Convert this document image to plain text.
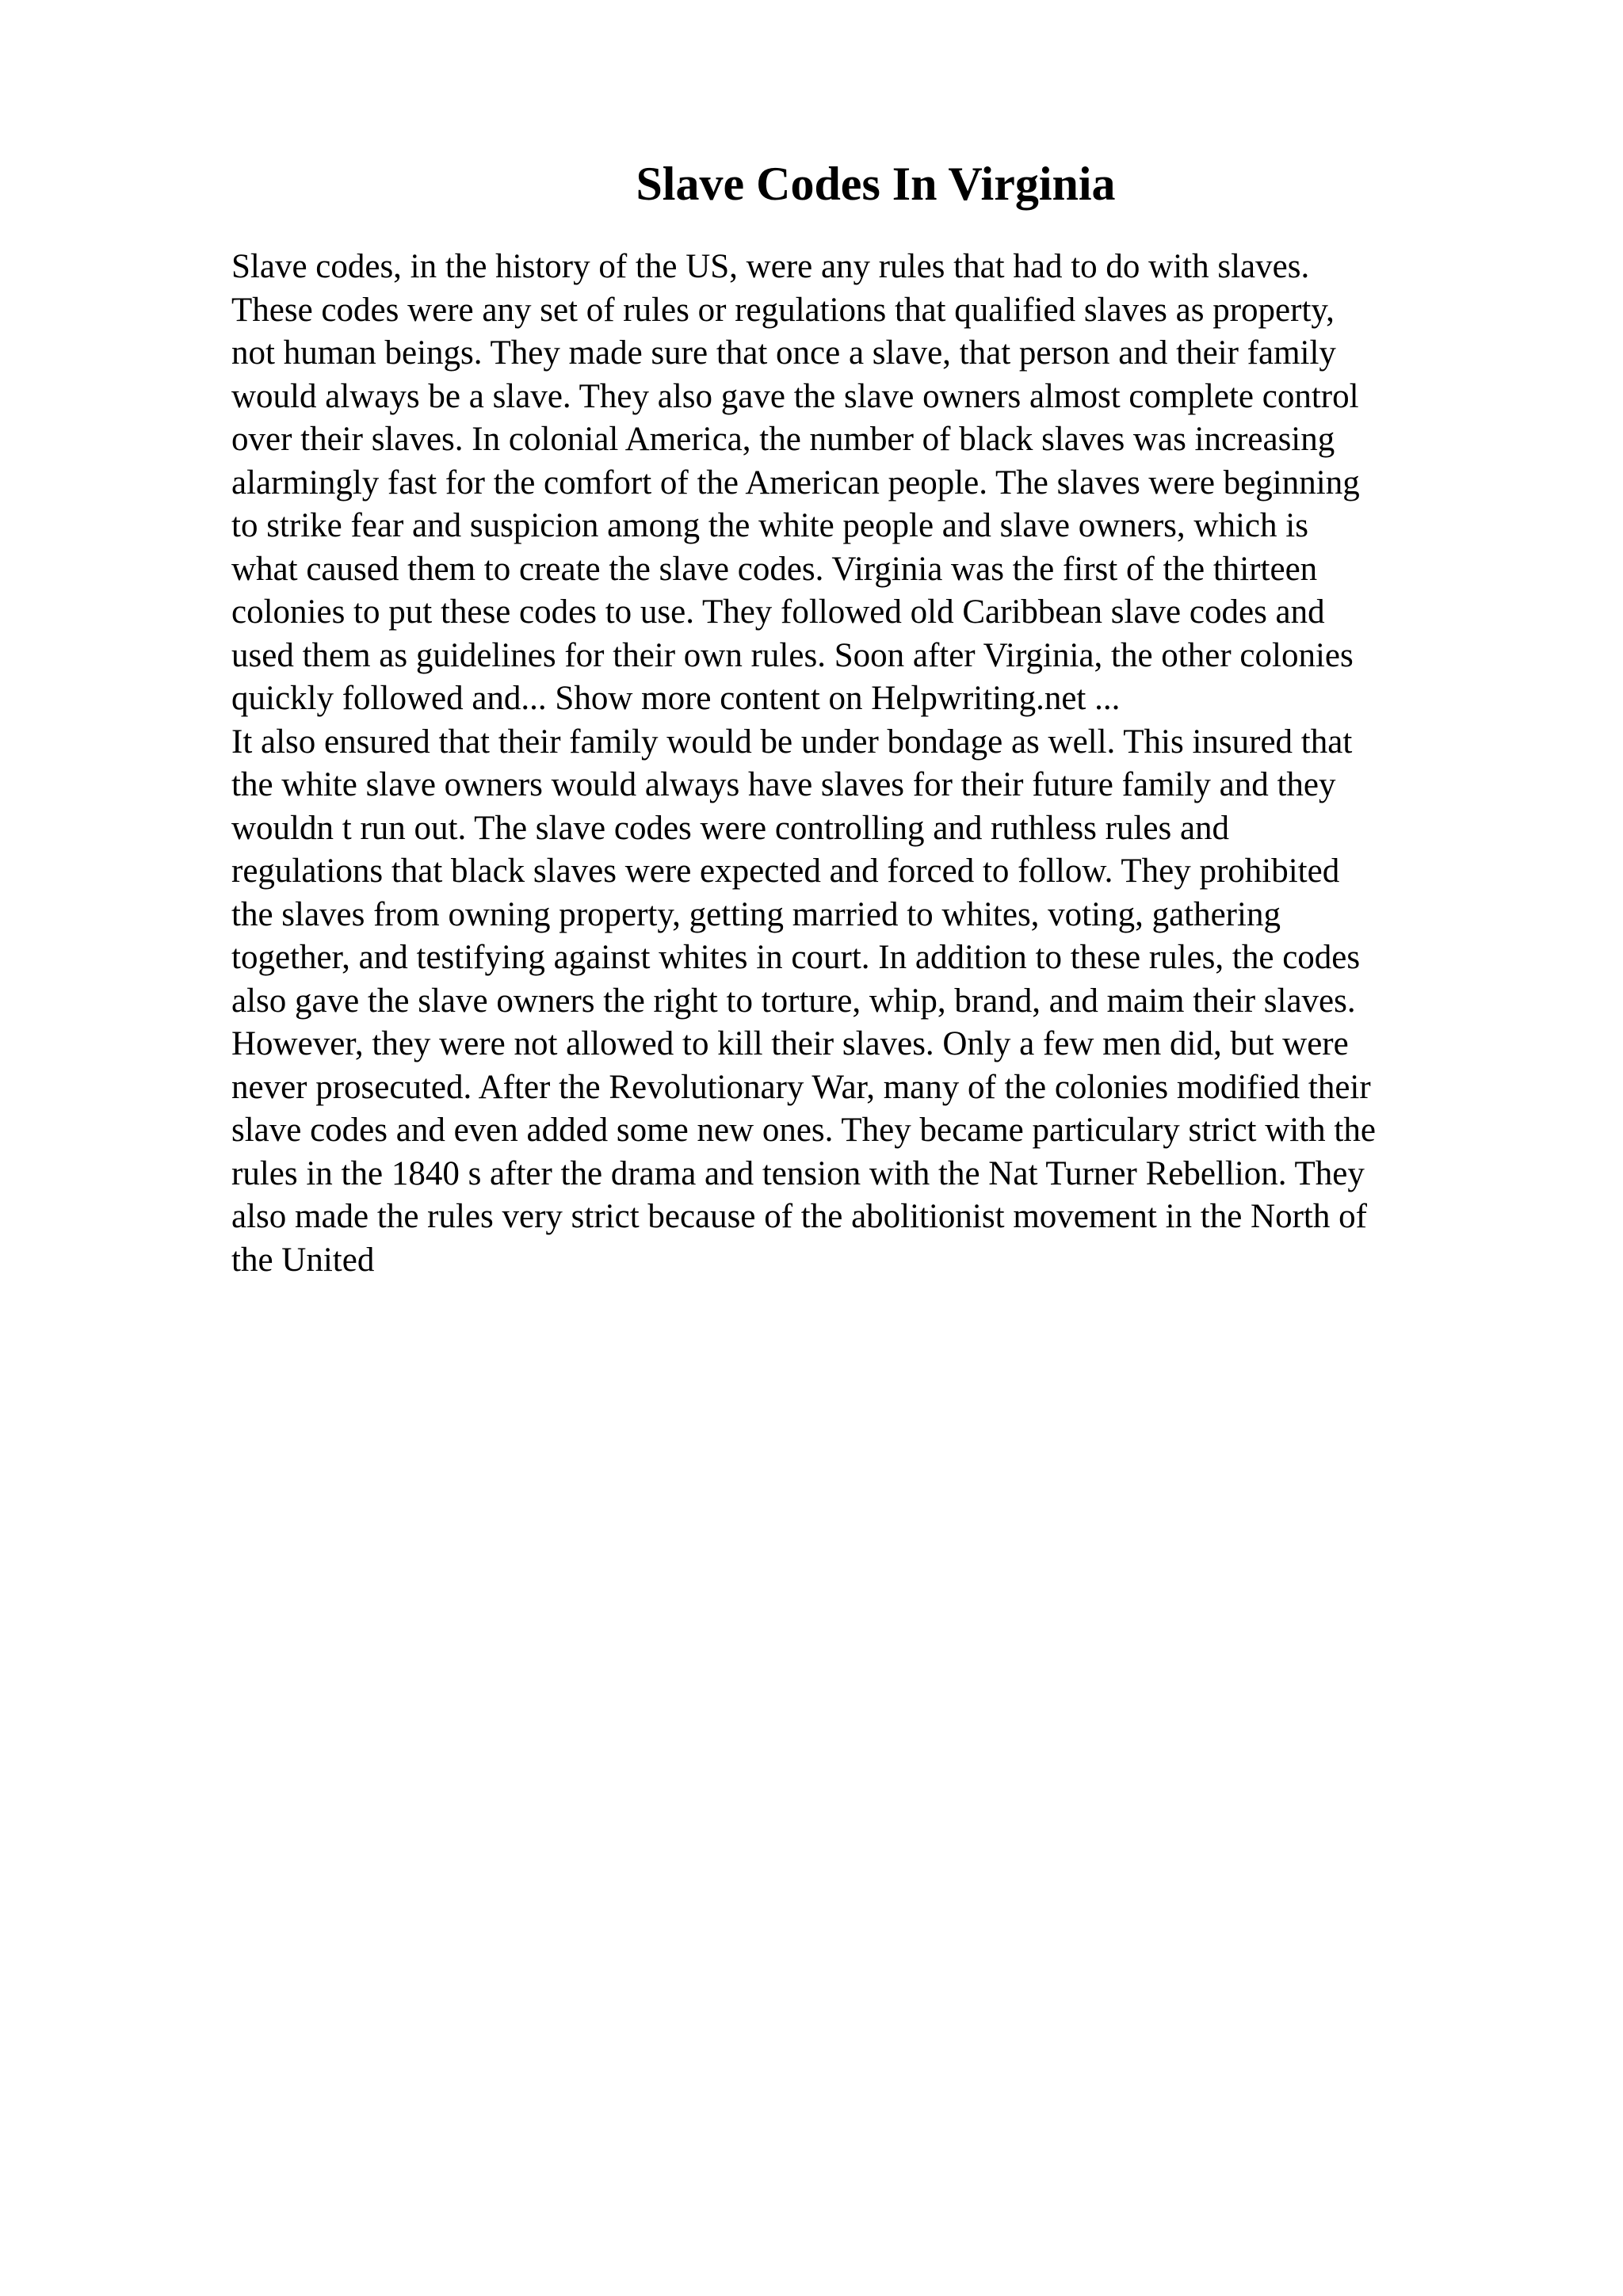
Slave Codes In Virginia
Slave codes, in the history of the US, were any rules that had to do with slaves.
These codes were any set of rules or regulations that qualified slaves as property,
not human beings. They made sure that once a slave, that person and their family
would always be a slave. They also gave the slave owners almost complete control
over their slaves. In colonial America, the number of black slaves was increasing
alarmingly fast for the comfort of the American people. The slaves were beginning
to strike fear and suspicion among the white people and slave owners, which is
what caused them to create the slave codes. Virginia was the first of the thirteen
colonies to put these codes to use. They followed old Caribbean slave codes and
used them as guidelines for their own rules. Soon after Virginia, the other colonies
quickly followed and... Show more content on Helpwriting.net ...
It also ensured that their family would be under bondage as well. This insured that
the white slave owners would always have slaves for their future family and they
wouldn t run out. The slave codes were controlling and ruthless rules and
regulations that black slaves were expected and forced to follow. They prohibited
the slaves from owning property, getting married to whites, voting, gathering
together, and testifying against whites in court. In addition to these rules, the codes
also gave the slave owners the right to torture, whip, brand, and maim their slaves.
However, they were not allowed to kill their slaves. Only a few men did, but were
never prosecuted. After the Revolutionary War, many of the colonies modified their
slave codes and even added some new ones. They became particulary strict with the
rules in the 1840 s after the drama and tension with the Nat Turner Rebellion. They
also made the rules very strict because of the abolitionist movement in the North of
the United
